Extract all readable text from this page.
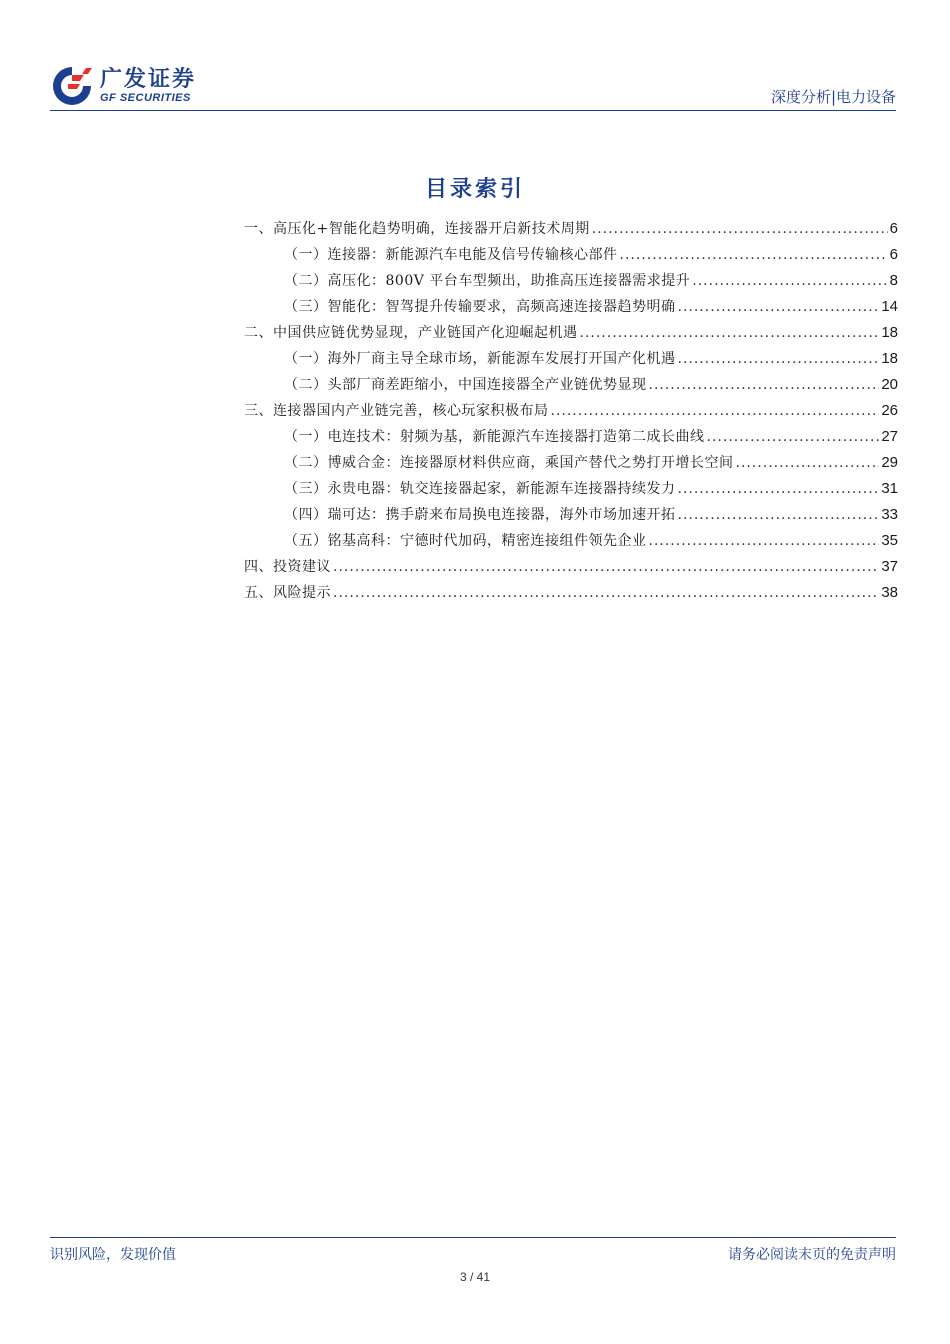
广发证券
GF SECURITIES	深度分析|电力设备
目录索引
一、高压化+智能化趋势明确，连接器开启新技术周期 .....	6
（一）连接器：新能源汽车电能及信号传输核心部件 .....	6
（二）高压化：800V 平台车型频出，助推高压连接器需求提升 .....	8
（三）智能化：智驾提升传输要求，高频高速连接器趋势明确 .....	14
二、中国供应链优势显现，产业链国产化迎崛起机遇 .....	18
（一）海外厂商主导全球市场，新能源车发展打开国产化机遇 .....	18
（二）头部厂商差距缩小，中国连接器全产业链优势显现 .....	20
三、连接器国内产业链完善，核心玩家积极布局 .....	26
（一）电连技术：射频为基，新能源汽车连接器打造第二成长曲线 .....	27
（二）博威合金：连接器原材料供应商，乘国产替代之势打开增长空间 .....	29
（三）永贵电器：轨交连接器起家，新能源车连接器持续发力 .....	31
（四）瑞可达：携手蔚来布局换电连接器，海外市场加速开拓 .....	33
（五）铭基高科：宁德时代加码，精密连接组件领先企业 .....	35
四、投资建议 .....	37
五、风险提示 .....	38
识别风险，发现价值	请务必阅读末页的免责声明
3 / 41
